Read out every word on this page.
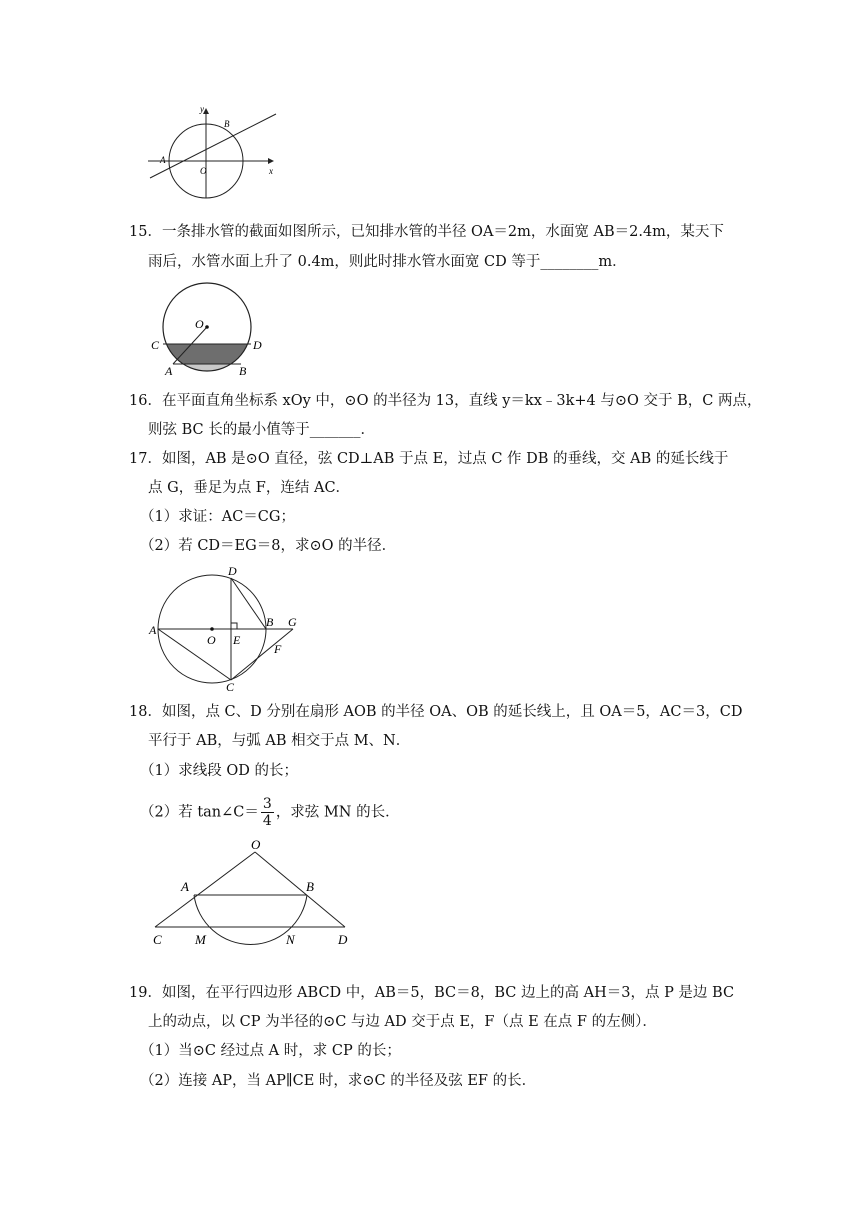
y
B
A
O	x
15．一条排水管的截面如图所示，已知排水管的半径 OA＝2m，水面宽 AB＝2.4m，某天下
雨后，水管水面上升了 0.4m，则此时排水管水面宽 CD 等于________m．
O
C	D
A	B
16．在平面直角坐标系 xOy 中，⊙O 的半径为 13，直线 y＝kx﹣3k+4 与⊙O 交于 B，C 两点，
则弦 BC 长的最小值等于_______．
17．如图，AB 是⊙O 直径，弦 CD⊥AB 于点 E，过点 C 作 DB 的垂线，交 AB 的延长线于
点 G，垂足为点 F，连结 AC．
（1）求证：AC＝CG；
（2）若 CD＝EG＝8，求⊙O 的半径．
D
A
O E
B G
F
C
18．如图，点 C、D 分别在扇形 AOB 的半径 OA、OB 的延长线上，且 OA＝5，AC＝3，CD
平行于 AB，与弧 AB 相交于点 M、N．
（1）求线段 OD 的长；
（2）若 tan∠C＝ $\frac{3}{4}$ ，求弦 MN 的长．
O
A	B
C	M	N	D
19．如图，在平行四边形 ABCD 中，AB＝5，BC＝8，BC 边上的高 AH＝3，点 P 是边 BC
上的动点，以 CP 为半径的⊙C 与边 AD 交于点 E，F（点 E 在点 F 的左侧）．
（1）当⊙C 经过点 A 时，求 CP 的长；
（2）连接 AP，当 AP∥CE 时，求⊙C 的半径及弦 EF 的长．
